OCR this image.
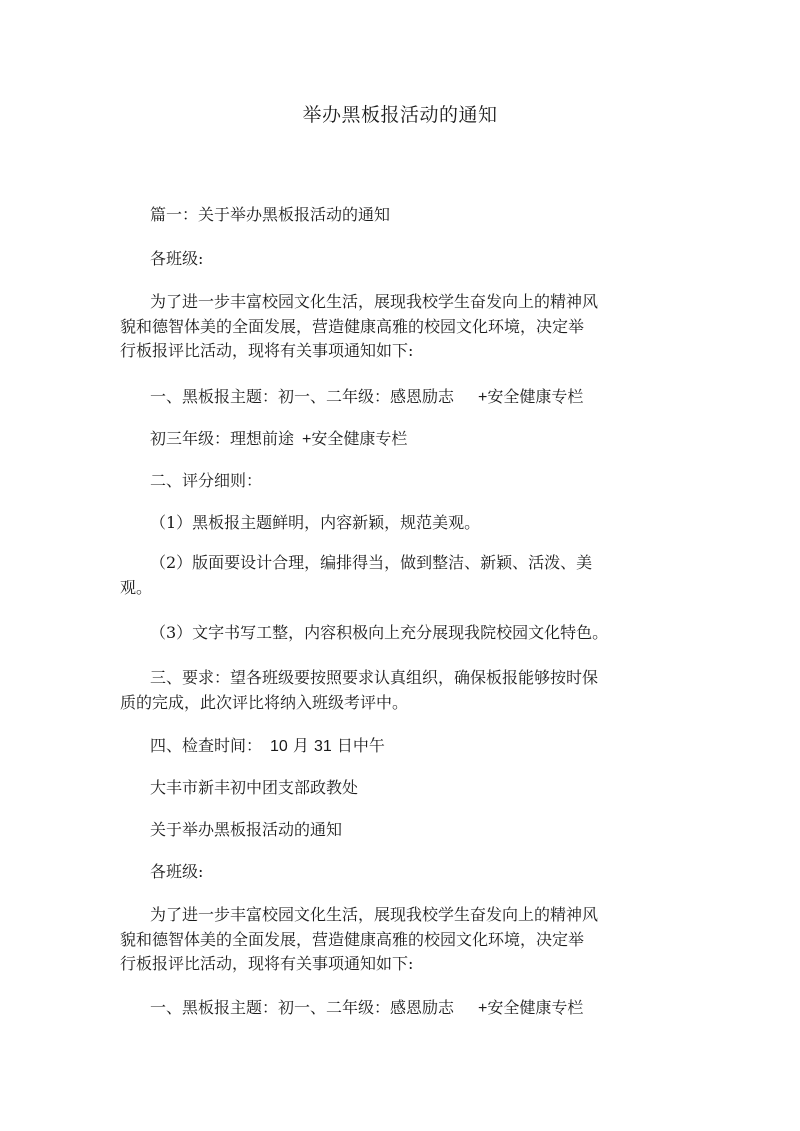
举办黑板报活动的通知
篇一：关于举办黑板报活动的通知
各班级:
为了进一步丰富校园文化生活，展现我校学生奋发向上的精神风
貌和德智体美的全面发展，营造健康高雅的校园文化环境，决定举
行板报评比活动，现将有关事项通知如下:
一、黑板报主题：初一、二年级：感恩励志 +安全健康专栏
初三年级：理想前途 +安全健康专栏
二、评分细则：
（1）黑板报主题鲜明，内容新颖，规范美观。
（2）版面要设计合理，编排得当，做到整洁、新颖、活泼、美
观。
（3）文字书写工整，内容积极向上充分展现我院校园文化特色。
三、要求：望各班级要按照要求认真组织，确保板报能够按时保
质的完成，此次评比将纳入班级考评中。
四、检查时间： 10 月 31 日中午
大丰市新丰初中团支部政教处
关于举办黑板报活动的通知
各班级:
为了进一步丰富校园文化生活，展现我校学生奋发向上的精神风
貌和德智体美的全面发展，营造健康高雅的校园文化环境，决定举
行板报评比活动，现将有关事项通知如下:
一、黑板报主题：初一、二年级：感恩励志 +安全健康专栏
